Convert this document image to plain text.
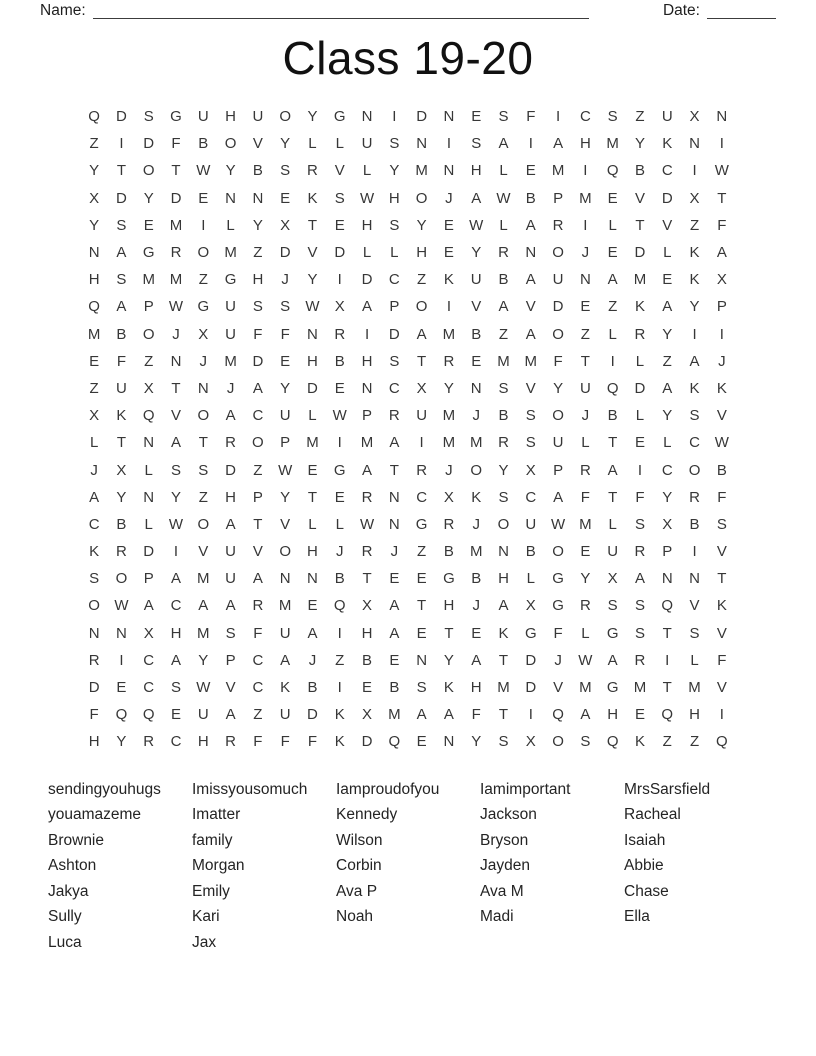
Name:	Date:
Class 19-20
Q	D	S	G	U	H	U	O	Y	G	N	I	D	N	E	S	F	I	C	S	Z	U	X	N
Z	I	D	F	B	O	V	Y	L	L	U	S	N	I	S	A	I	A	H	M	Y	K	N	I
Y	T	O	T	W	Y	B	S	R	V	L	Y	M	N	H	L	E	M	I	Q	B	C	I	W
X	D	Y	D	E	N	N	E	K	S	W H	O	J	A	W	B	P	M	E	V	D	X	T
Y	S	E	M	I	L	Y	X	T	E	H	S	Y	E	W	L	A	R	I	L	T	V	Z	F
N	A	G	R	O	M	Z	D	V	D	L	L	H	E	Y	R	N	O	J	E	D	L	K	A
H	S	M M	Z	G	H	J	Y	I	D	C	Z	K	U	B	A	U	N	A	M	E	K	X
Q	A	P	W G	U	S	S	W	X	A	P	O	I	V	A	V	D	E	Z	K	A	Y	P
M	B	O	J	X	U	F	F	N	R	I	D	A	M	B	Z	A	O	Z	L	R	Y	I	I
E	F	Z	N	J	M	D	E	H	B	H	S	T	R	E	M M	F	T	I	L	Z	A	J
Z	U	X	T	N	J	A	Y	D	E	N	C	X	Y	N	S	V	Y	U	Q	D	A	K	K
X	K	Q	V	O	A	C	U	L	W	P	R	U	M	J	B	S	O	J	B	L	Y	S	V
L	T	N	A	T	R	O	P	M	I	M	A	I	M M	R	S	U	L	T	E	L	C W
J	X	L	S	S	D	Z	W	E	G	A	T	R	J	O	Y	X	P	R	A	I	C	O	B
A	Y	N	Y	Z	H	P	Y	T	E	R	N	C	X	K	S	C	A	F	T	F	Y	R	F
C	B	L	W O	A	T	V	L	L	W N	G	R	J	O	U W M	L	S	X	B	S
K	R	D	I	V	U	V	O	H	J	R	J	Z	B	M	N	B	O	E	U	R	P	I	V
S	O	P	A	M	U	A	N	N	B	T	E	E	G	B	H	L	G	Y	X	A	N	N	T
O W	A	C	A	A	R	M	E	Q	X	A	T	H	J	A	X	G	R	S	S	Q	V	K
N	N	X	H	M	S	F	U	A	I	H	A	E	T	E	K	G	F	L	G	S	T	S	V
R	I	C	A	Y	P	C	A	J	Z	B	E	N	Y	A	T	D	J	W	A	R	I	L	F
D	E	C	S	W	V	C	K	B	I	E	B	S	K	H	M	D	V	M	G	M	T	M	V
F	Q	Q	E	U	A	Z	U	D	K	X	M	A	A	F	T	I	Q	A	H	E	Q	H	I
H	Y	R	C	H	R	F	F	F	K	D	Q	E	N	Y	S	X	O	S	Q	K	Z	Z	Q
sendingyouhugs
youamazeme
Brownie
Ashton
Jakya
Sully
Luca
Imissyousomuch
Imatter
family
Morgan
Emily
Kari
Jax
Iamproudofyou
Kennedy
Wilson
Corbin
Ava P
Noah
Iamimportant
Jackson
Bryson
Jayden
Ava M
Madi
MrsSarsfield
Racheal
Isaiah
Abbie
Chase
Ella
